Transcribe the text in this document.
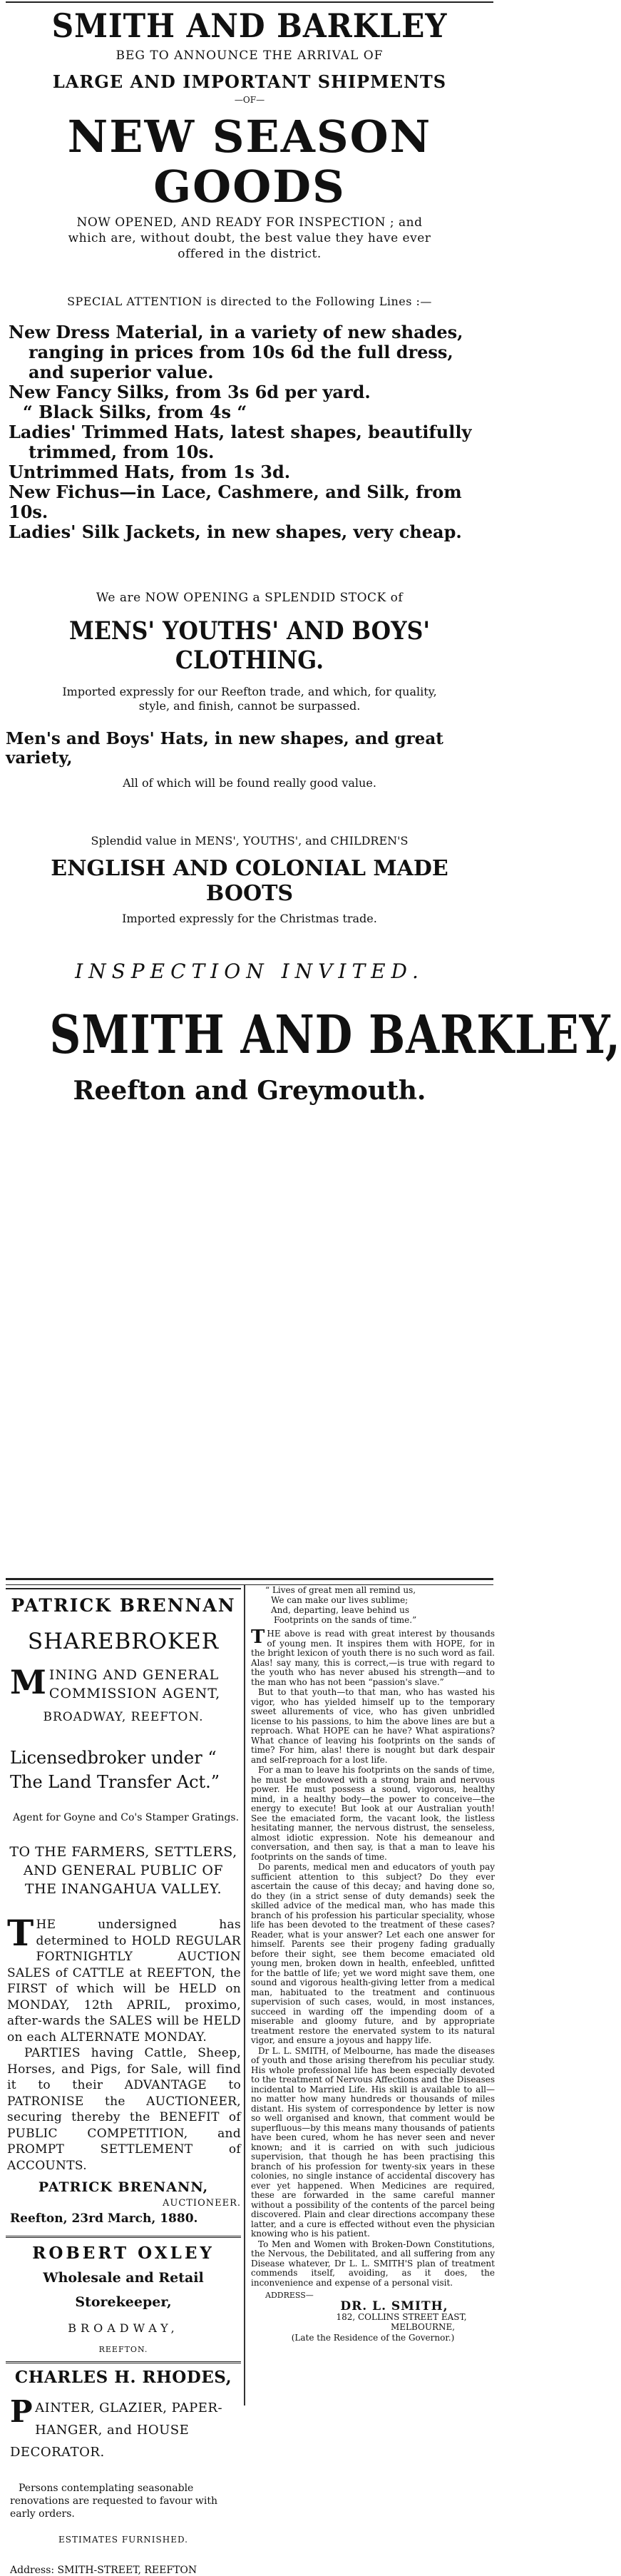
SMITH AND BARKLEY
BEG TO ANNOUNCE THE ARRIVAL OF
LARGE AND IMPORTANT SHIPMENTS
—OF—
NEW SEASON GOODS
NOW OPENED, AND READY FOR INSPECTION ; and which are, without doubt, the best value they have ever offered in the district.
SPECIAL ATTENTION is directed to the Following Lines :—
New Dress Material, in a variety of new shades, ranging in prices from 10s 6d the full dress, and superior value.
New Fancy Silks, from 3s 6d per yard.
“ Black Silks, from 4s “
Ladies' Trimmed Hats, latest shapes, beautifully trimmed, from 10s.
Untrimmed Hats, from 1s 3d.
New Fichus—in Lace, Cashmere, and Silk, from 10s.
Ladies' Silk Jackets, in new shapes, very cheap.
We are NOW OPENING a SPLENDID STOCK of
MENS' YOUTHS' AND BOYS' CLOTHING.
Imported expressly for our Reefton trade, and which, for quality, style, and finish, cannot be surpassed.
Men's and Boys' Hats, in new shapes, and great variety,
All of which will be found really good value.
Splendid value in MENS', YOUTHS', and CHILDREN'S
ENGLISH AND COLONIAL MADE BOOTS
Imported expressly for the Christmas trade.
INSPECTION INVITED.
SMITH AND BARKLEY,
Reefton and Greymouth.
PATRICK BRENNAN
SHAREBROKER
M INING AND GENERAL COMMISSION AGENT,
BROADWAY, REEFTON.
Licensedbroker under “ The Land Transfer Act.”
Agent for Goyne and Co's Stamper Gratings.
TO THE FARMERS, SETTLERS, AND GENERAL PUBLIC OF THE INANGAHUA VALLEY.
T HE undersigned has determined to HOLD REGULAR FORTNIGHTLY AUCTION SALES of CATTLE at REEFTON, the FIRST of which will be HELD on MONDAY, 12th APRIL, proximo, after-wards the SALES will be HELD on each ALTERNATE MONDAY.
PARTIES having Cattle, Sheep, Horses, and Pigs, for Sale, will find it to their ADVANTAGE to PATRONISE the AUCTIONEER, securing thereby the BENEFIT of PUBLIC COMPETITION, and PROMPT SETTLEMENT of ACCOUNTS.
PATRICK BRENANN,
AUCTIONEER.
Reefton, 23rd March, 1880.
ROBERT OXLEY
Wholesale and Retail Storekeeper,
BROADWAY,
REEFTON.
CHARLES H. RHODES,
P AINTER, GLAZIER, PAPER-HANGER, and HOUSE DECORATOR.
Persons contemplating seasonable renovations are requested to favour with early orders.
ESTIMATES FURNISHED.
Address: SMITH-STREET, REEFTON
“ Lives of great men all remind us,
We can make our lives sublime;
And, departing, leave behind us
Footprints on the sands of time.”

THE above is read with great interest by thousands of young men. It inspires them with HOPE, for in the bright lexicon of youth there is no such word as fail. Alas! say many, this is correct,—is true with regard to the youth who has never abused his strength—and to the man who has not been “passion's slave.”

But to that youth—to that man, who has wasted his vigor, who has yielded himself up to the temporary sweet allurements of vice, who has given unbridled license to his passions, to him the above lines are but a reproach. What HOPE can he have? What aspirations? What chance of leaving his footprints on the sands of time? For him, alas! there is nought but dark despair and self-reproach for a lost life.

For a man to leave his footprints on the sands of time, he must be endowed with a strong brain and nervous power. He must possess a sound, vigorous, healthy mind, in a healthy body—the power to conceive—the energy to execute! But look at our Australian youth! See the emaciated form, the vacant look, the listless hesitating manner, the nervous distrust, the senseless, almost idiotic expression. Note his demeanour and conversation, and then say, is that a man to leave his footprints on the sands of time.

Do parents, medical men and educators of youth pay sufficient attention to this subject? Do they ever ascertain the cause of this decay; and having done so, do they (in a strict sense of duty demands) seek the skilled advice of the medical man, who has made this branch of his profession his particular speciality, whose life has been devoted to the treatment of these cases? Reader, what is your answer? Let each one answer for himself. Parents see their progeny fading gradually before their sight, see them become emaciated old young men, broken down in health, enfeebled, unfitted for the battle of life; yet we word might save them, one sound and vigorous health-giving letter from a medical man, habituated to the treatment and continuous supervision of such cases, would, in most instances, succeed in warding off the impending doom of a miserable and gloomy future, and by appropriate treatment restore the enervated system to its natural vigor, and ensure a joyous and happy life.

Dr L. L. SMITH, of Melbourne, has made the diseases of youth and those arising therefrom his peculiar study. His whole professional life has been especially devoted to the treatment of Nervous Affections and the Diseases incidental to Married Life. His skill is available to all—no matter how many hundreds or thousands of miles distant. His system of correspondence by letter is now so well organised and known, that comment would be superfluous—by this means many thousands of patients have been cured, whom he has never seen and never known; and it is carried on with such judicious supervision, that though he has been practising this branch of his profession for twenty-six years in these colonies, no single instance of accidental discovery has ever yet happened. When Medicines are required, these are forwarded in the same careful manner without a possibility of the contents of the parcel being discovered. Plain and clear directions accompany these latter, and a cure is effected without even the physician knowing who is his patient.

To Men and Women with Broken-Down Constitutions, the Nervous, the Debilitated, and all suffering from any Disease whatever, Dr L. L. SMITH'S plan of treatment commends itself, avoiding, as it does, the inconvenience and expense of a personal visit.

ADDRESS—
DR. L. SMITH,
182, COLLINS STREET EAST,
MELBOURNE,
(Late the Residence of the Governor.)
